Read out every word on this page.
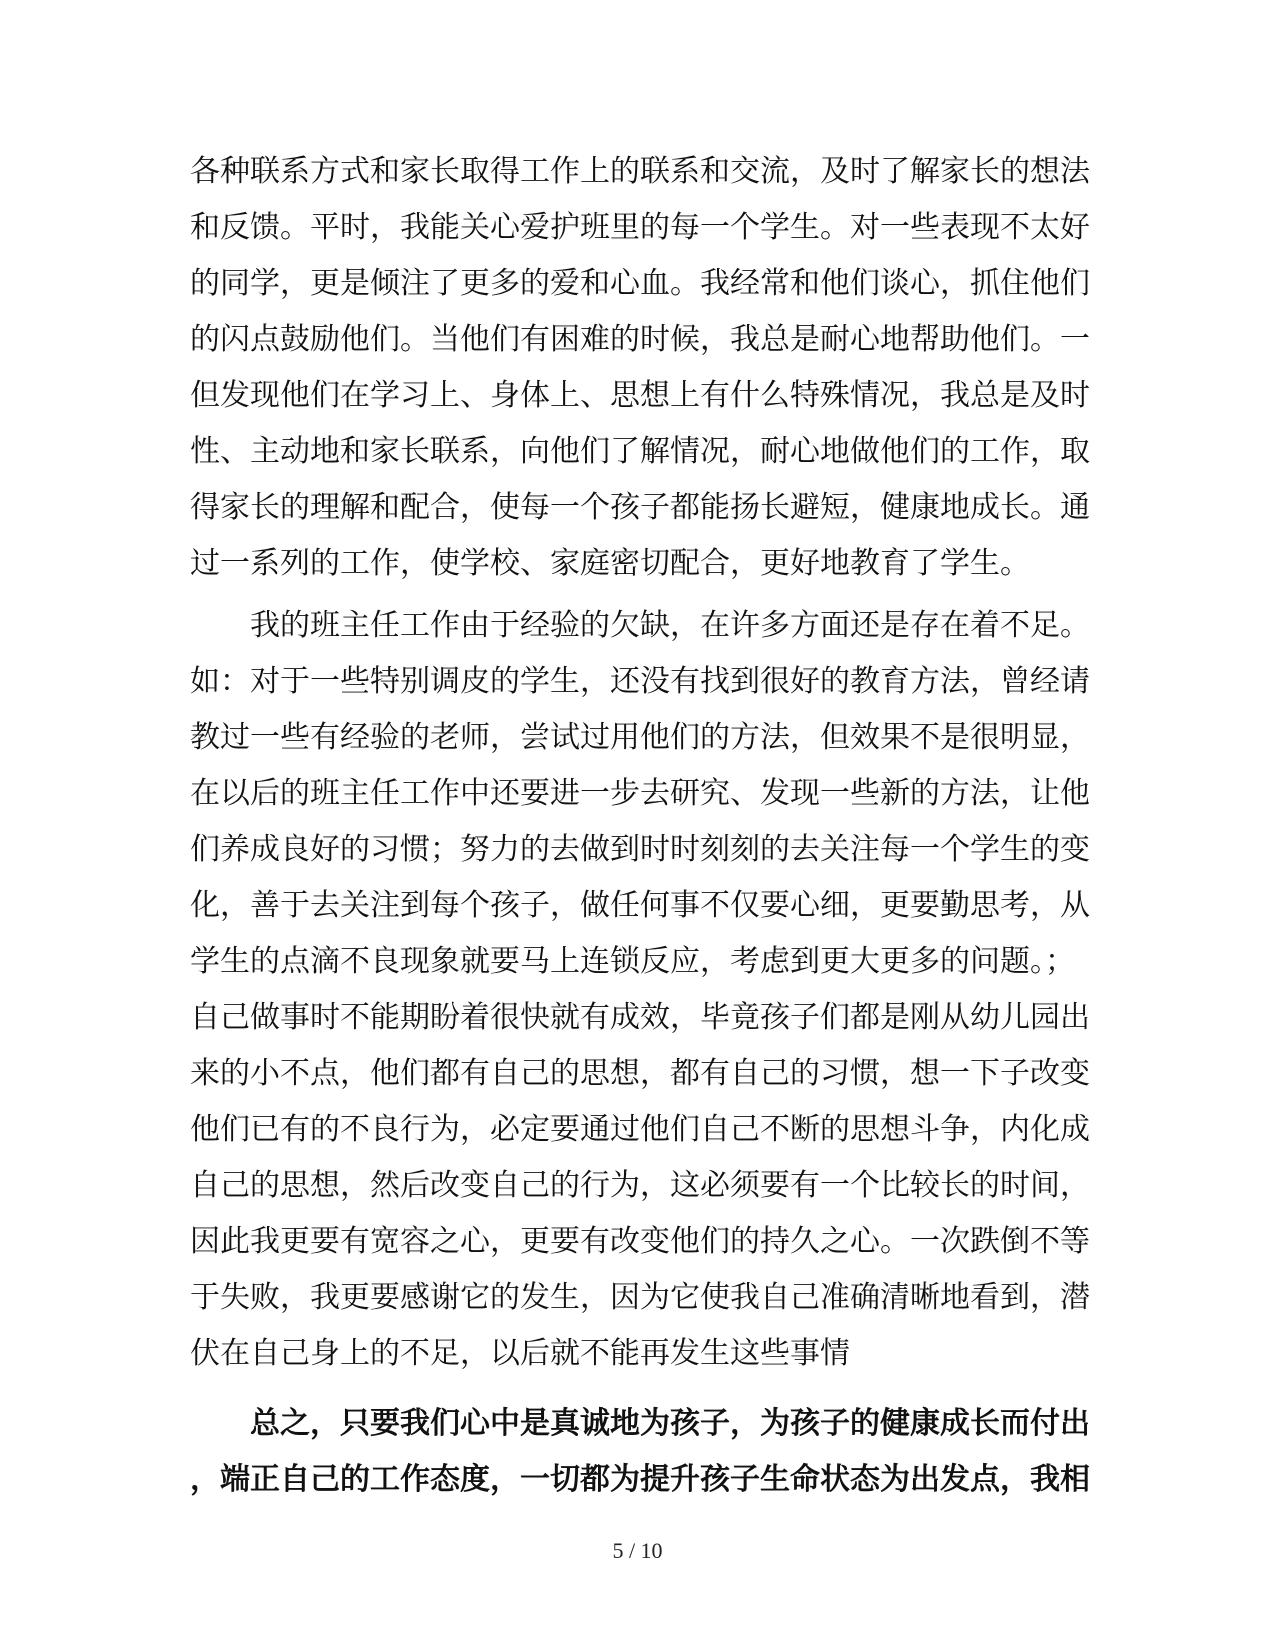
各种联系方式和家长取得工作上的联系和交流，及时了解家长的想法
和反馈。平时，我能关心爱护班里的每一个学生。对一些表现不太好
的同学，更是倾注了更多的爱和心血。我经常和他们谈心，抓住他们
的闪点鼓励他们。当他们有困难的时候，我总是耐心地帮助他们。一
但发现他们在学习上、身体上、思想上有什么特殊情况，我总是及时
性、主动地和家长联系，向他们了解情况，耐心地做他们的工作，取
得家长的理解和配合，使每一个孩子都能扬长避短，健康地成长。通
过一系列的工作，使学校、家庭密切配合，更好地教育了学生。
我的班主任工作由于经验的欠缺，在许多方面还是存在着不足。
如：对于一些特别调皮的学生，还没有找到很好的教育方法，曾经请
教过一些有经验的老师，尝试过用他们的方法，但效果不是很明显，
在以后的班主任工作中还要进一步去研究、发现一些新的方法，让他
们养成良好的习惯；努力的去做到时时刻刻的去关注每一个学生的变
化，善于去关注到每个孩子，做任何事不仅要心细，更要勤思考，从
学生的点滴不良现象就要马上连锁反应，考虑到更大更多的问题。；
自己做事时不能期盼着很快就有成效，毕竟孩子们都是刚从幼儿园出
来的小不点，他们都有自己的思想，都有自己的习惯，想一下子改变
他们已有的不良行为，必定要通过他们自己不断的思想斗争，内化成
自己的思想，然后改变自己的行为，这必须要有一个比较长的时间，
因此我更要有宽容之心，更要有改变他们的持久之心。一次跌倒不等
于失败，我更要感谢它的发生，因为它使我自己准确清晰地看到，潜
伏在自己身上的不足，以后就不能再发生这些事情
总之，只要我们心中是真诚地为孩子，为孩子的健康成长而付出
，端正自己的工作态度，一切都为提升孩子生命状态为出发点，我相
5 / 10
